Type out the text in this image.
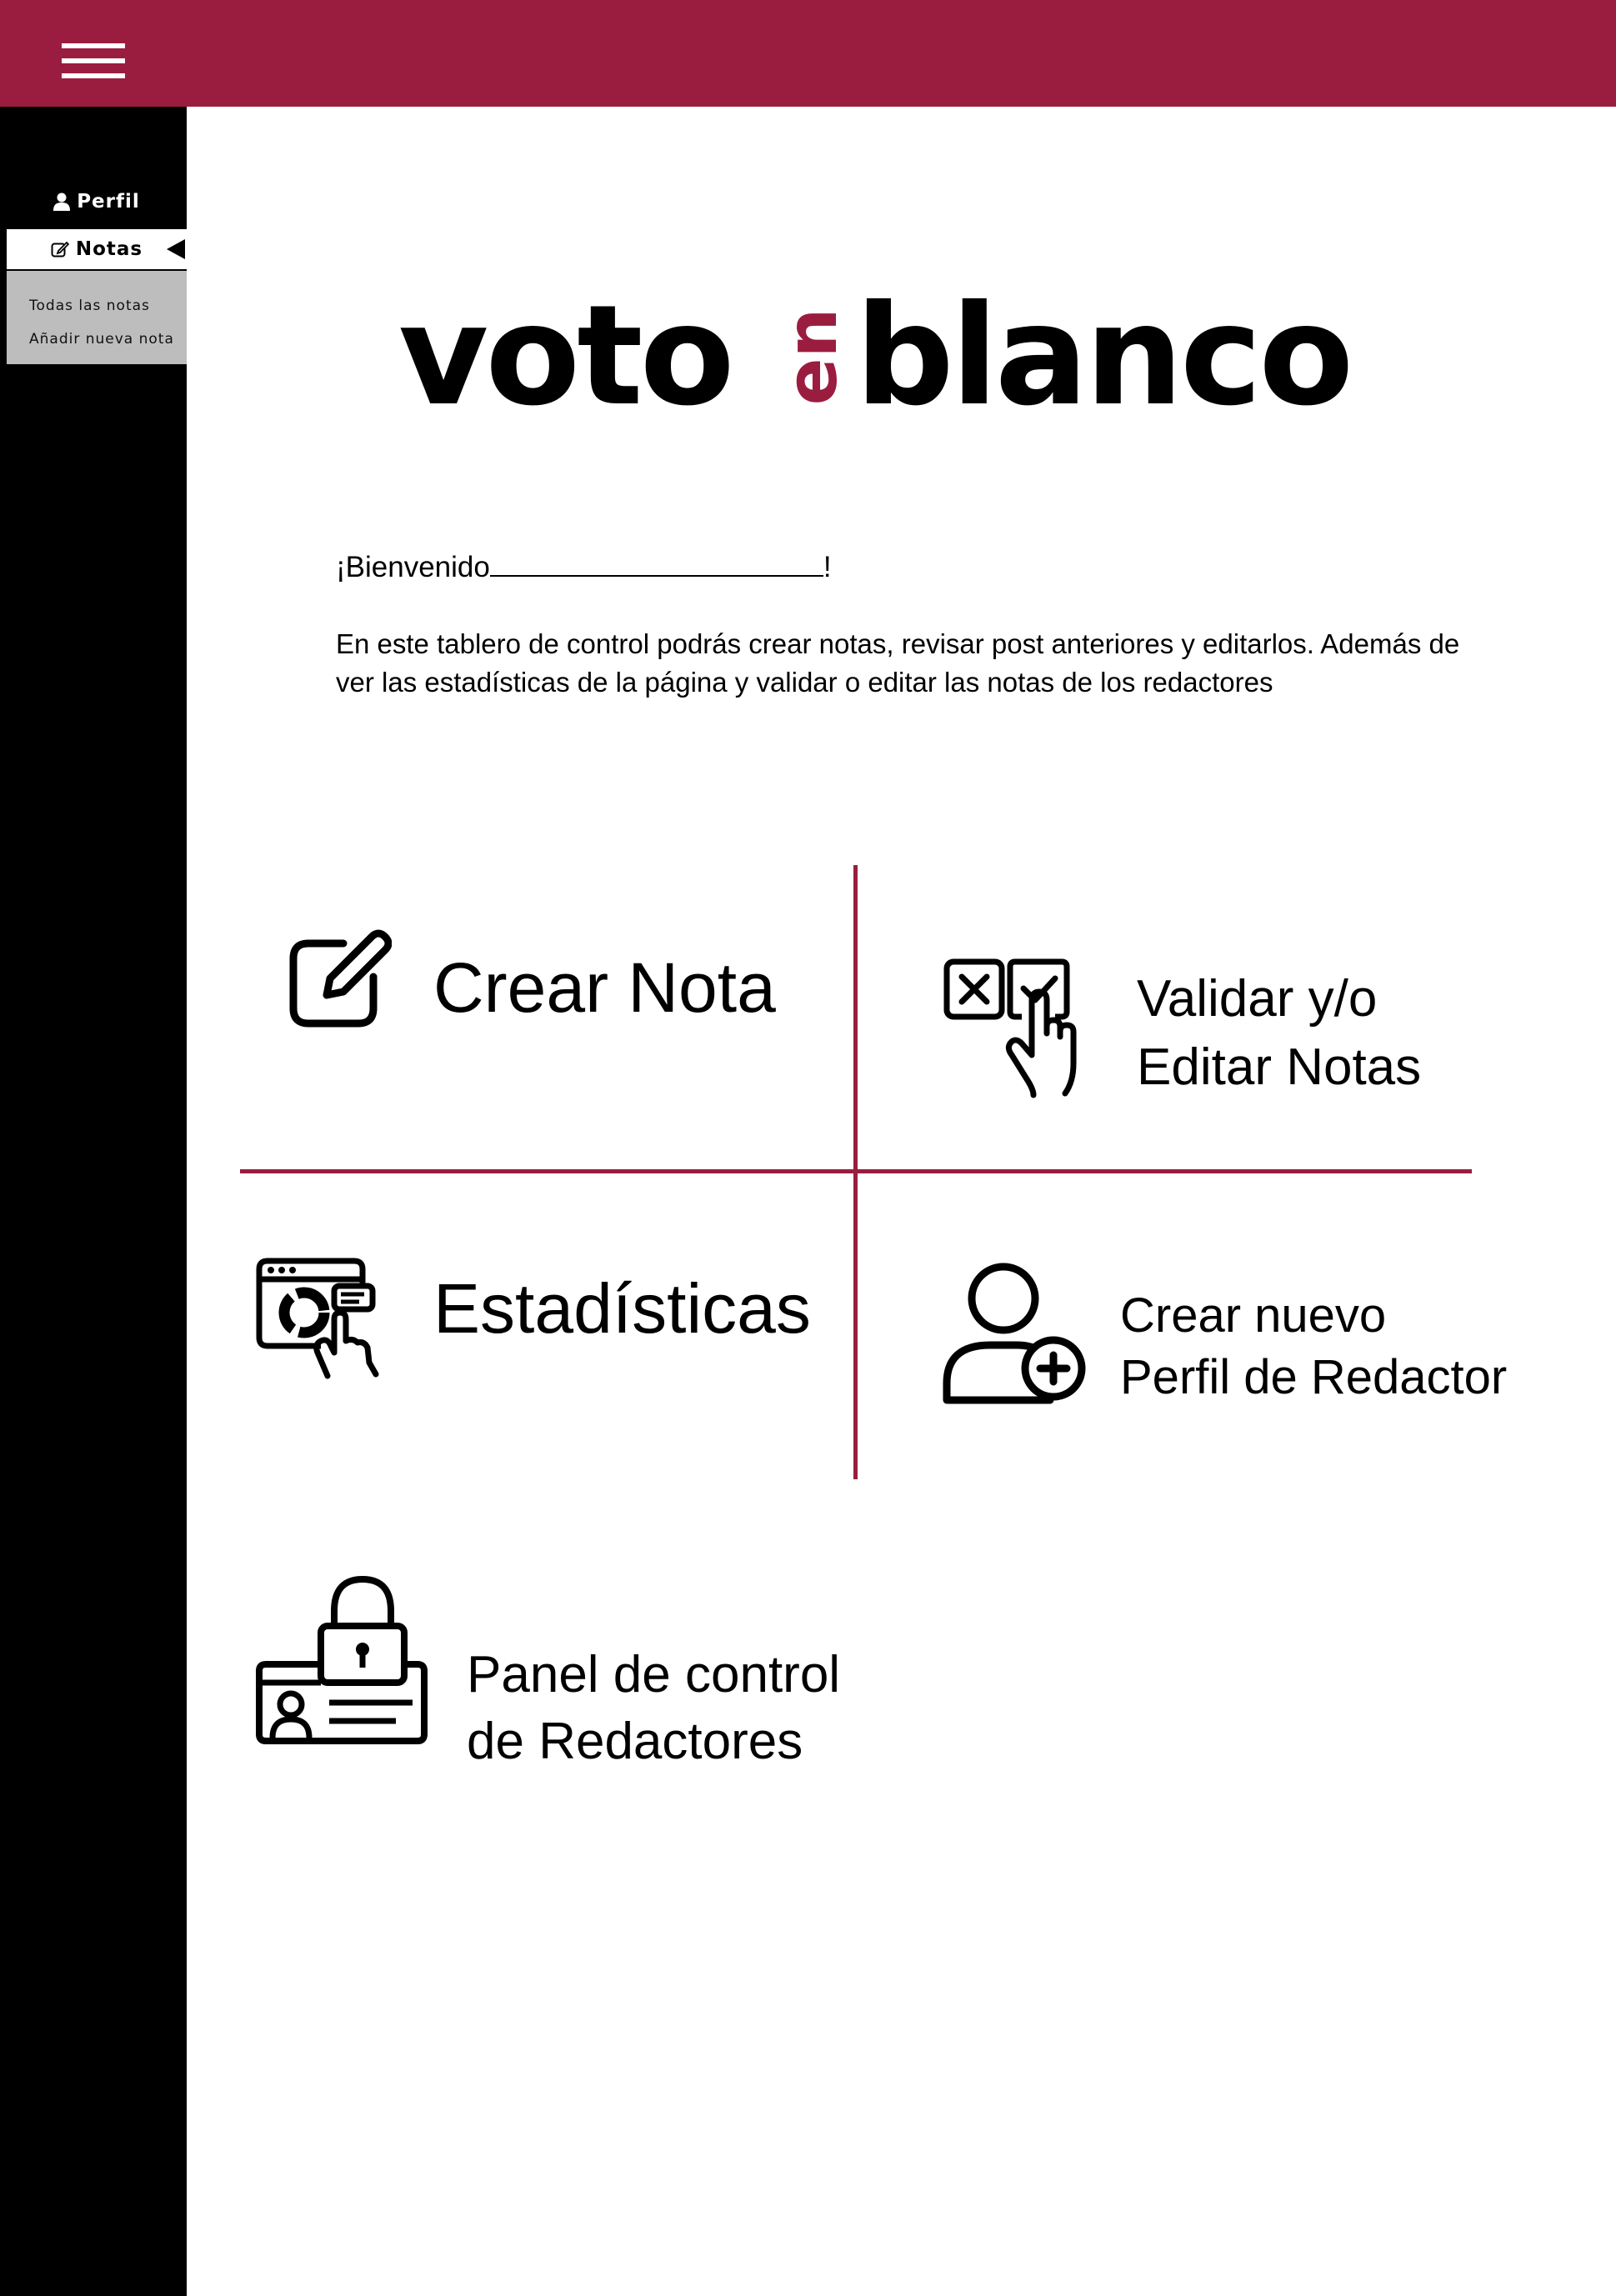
Perfil
Notas
Todas las notas
Añadir nueva nota voto en blanco
¡Bienvenido	!

En este tablero de control podrás crear notas, revisar post anteriores y editarlos. Además de ver las estadísticas de la página y validar o editar las notas de los redactores

Crear Nota	Validar y/o
Editar Notas
Estadísticas	Crear nuevo
Perfil de Redactor
Panel de control
de Redactores
